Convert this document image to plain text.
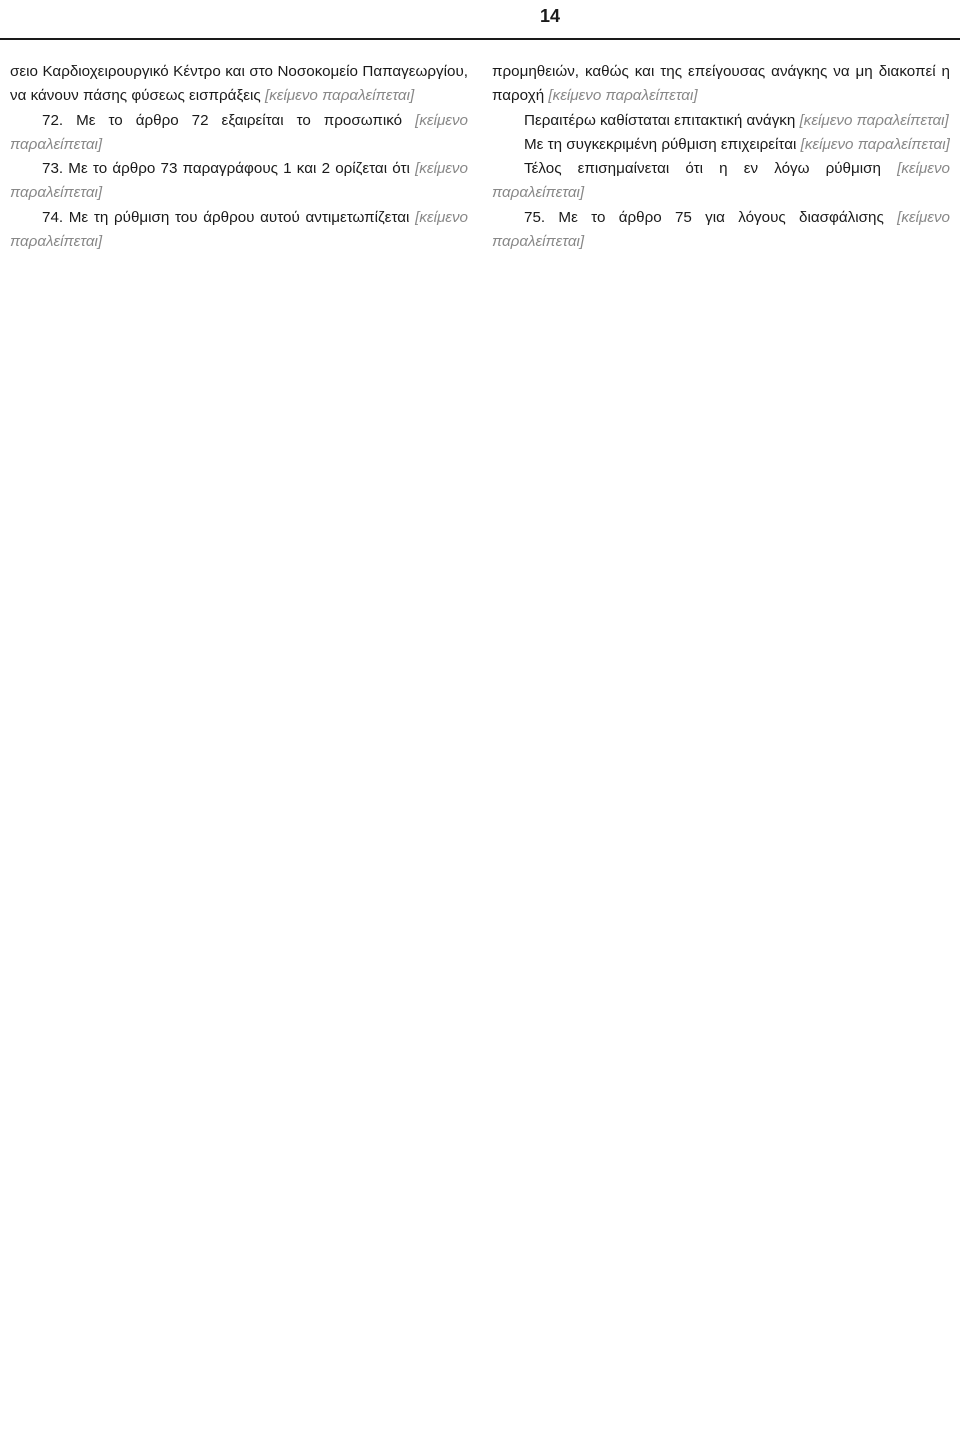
14

σειο Καρδιοχειρουργικό Κέντρο και στο Νοσοκομείο Παπαγεωργίου, να κάνουν πάσης φύσεως εισπράξεις [κείμενο παραλείπεται]

72. Με το άρθρο 72 εξαιρείται το προσωπικό [κείμενο παραλείπεται]

73. Με το άρθρο 73 παραγράφους 1 και 2 ορίζεται ότι [κείμενο παραλείπεται]

74. Με τη ρύθμιση του άρθρου αυτού αντιμετωπίζεται [κείμενο παραλείπεται]

προμηθειών, καθώς και της επείγουσας ανάγκης να μη διακοπεί η παροχή [κείμενο παραλείπεται]

Περαιτέρω καθίσταται επιτακτική ανάγκη [κείμενο παραλείπεται]

Με τη συγκεκριμένη ρύθμιση επιχειρείται [κείμενο παραλείπεται]

Τέλος επισημαίνεται ότι η εν λόγω ρύθμιση [κείμενο παραλείπεται]

75. Με το άρθρο 75 για λόγους διασφάλισης [κείμενο παραλείπεται]
